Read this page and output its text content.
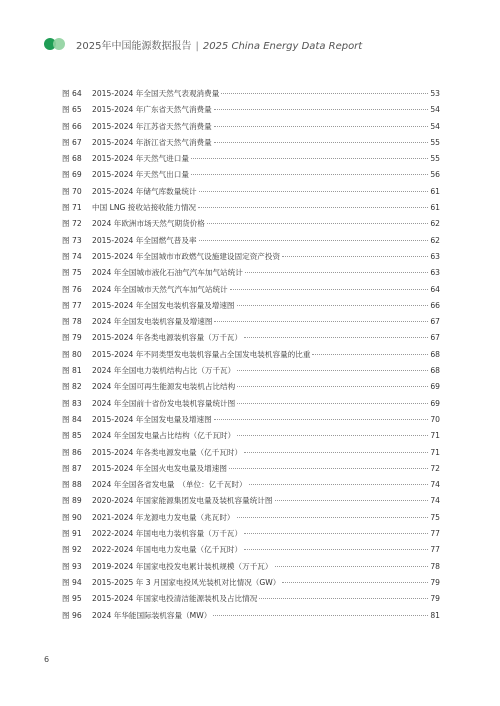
2025年中国能源数据报告 | 2025 China Energy Data Report
图 64	2015-2024 年全国天然气表观消费量	53
图 65	2015-2024 年广东省天然气消费量	54
图 66	2015-2024 年江苏省天然气消费量	54
图 67	2015-2024 年浙江省天然气消费量	55
图 68	2015-2024 年天然气进口量	55
图 69	2015-2024 年天然气出口量	56
图 70	2015-2024 年储气库数量统计	61
图 71	中国 LNG 接收站接收能力情况	61
图 72	2024 年欧洲市场天然气期货价格	62
图 73	2015-2024 年全国燃气普及率	62
图 74	2015-2024 年全国城市市政燃气设施建设固定资产投资	63
图 75	2024 年全国城市液化石油气汽车加气站统计	63
图 76	2024 年全国城市天然气汽车加气站统计	64
图 77	2015-2024 年全国发电装机容量及增速图	66
图 78	2024 年全国发电装机容量及增速图	67
图 79	2015-2024 年各类电源装机容量（万千瓦）	67
图 80	2015-2024 年不同类型发电装机容量占全国发电装机容量的比重	68
图 81	2024 年全国电力装机结构占比（万千瓦）	68
图 82	2024 年全国可再生能源发电装机占比结构	69
图 83	2024 年全国前十省份发电装机容量统计图	69
图 84	2015-2024 年全国发电量及增速图	70
图 85	2024 年全国发电量占比结构（亿千瓦时）	71
图 86	2015-2024 年各类电源发电量（亿千瓦时）	71
图 87	2015-2024 年全国火电发电量及增速图	72
图 88	2024 年全国各省发电量　（单位：亿千瓦时）	74
图 89	2020-2024 年国家能源集团发电量及装机容量统计图	74
图 90	2021-2024 年龙源电力发电量（兆瓦时）	75
图 91	2022-2024 年国电电力装机容量（万千瓦）	77
图 92	2022-2024 年国电电力发电量（亿千瓦时）	77
图 93	2019-2024 年国家电投发电累计装机规模（万千瓦）	78
图 94	2015-2025 年 3 月国家电投风光装机对比情况（GW）	79
图 95	2015-2024 年国家电投清洁能源装机及占比情况	79
图 96	2024 年华能国际装机容量（MW）	81
6
